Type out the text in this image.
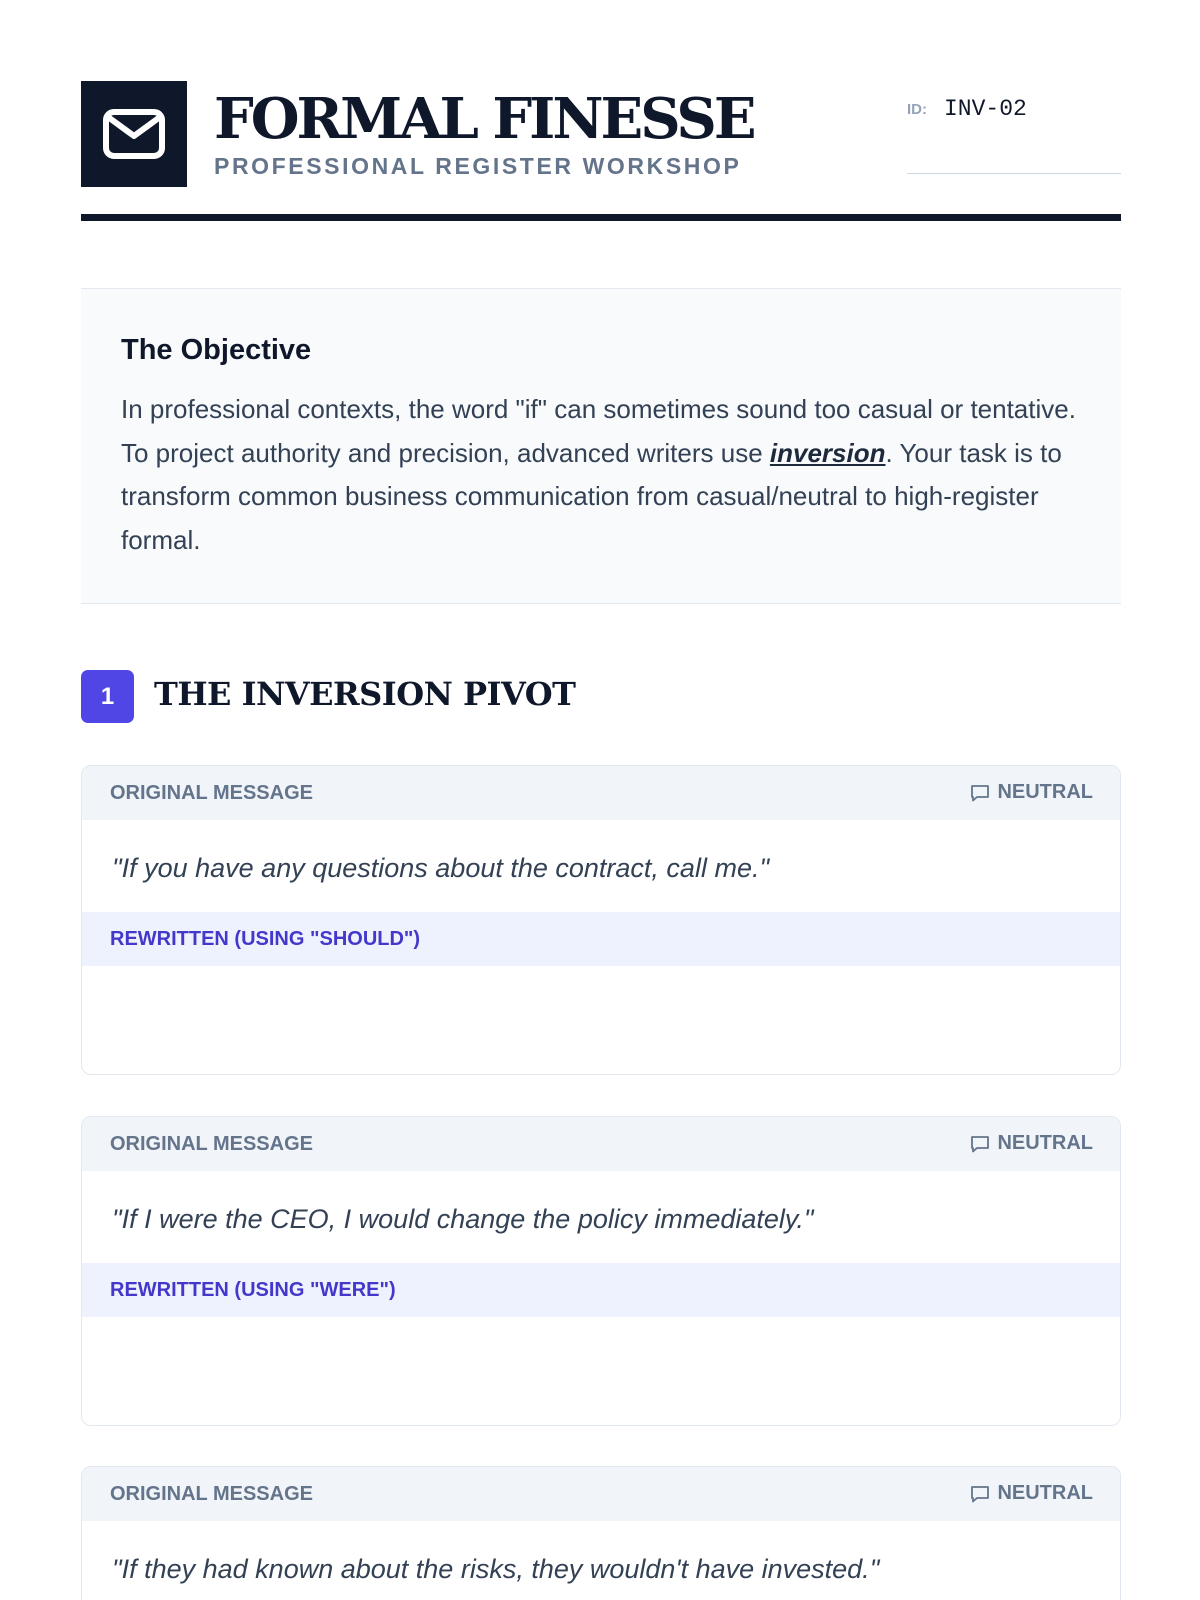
FORMAL FINESSE
PROFESSIONAL REGISTER WORKSHOP
ID: INV-02
The Objective

In professional contexts, the word "if" can sometimes sound too casual or tentative. To project authority and precision, advanced writers use inversion. Your task is to transform common business communication from casual/neutral to high-register formal.

1	THE INVERSION PIVOT
ORIGINAL MESSAGE	NEUTRAL
"If you have any questions about the contract, call me."
REWRITTEN (USING "SHOULD")
ORIGINAL MESSAGE	NEUTRAL
"If I were the CEO, I would change the policy immediately."
REWRITTEN (USING "WERE")
ORIGINAL MESSAGE	NEUTRAL
"If they had known about the risks, they wouldn't have invested."
